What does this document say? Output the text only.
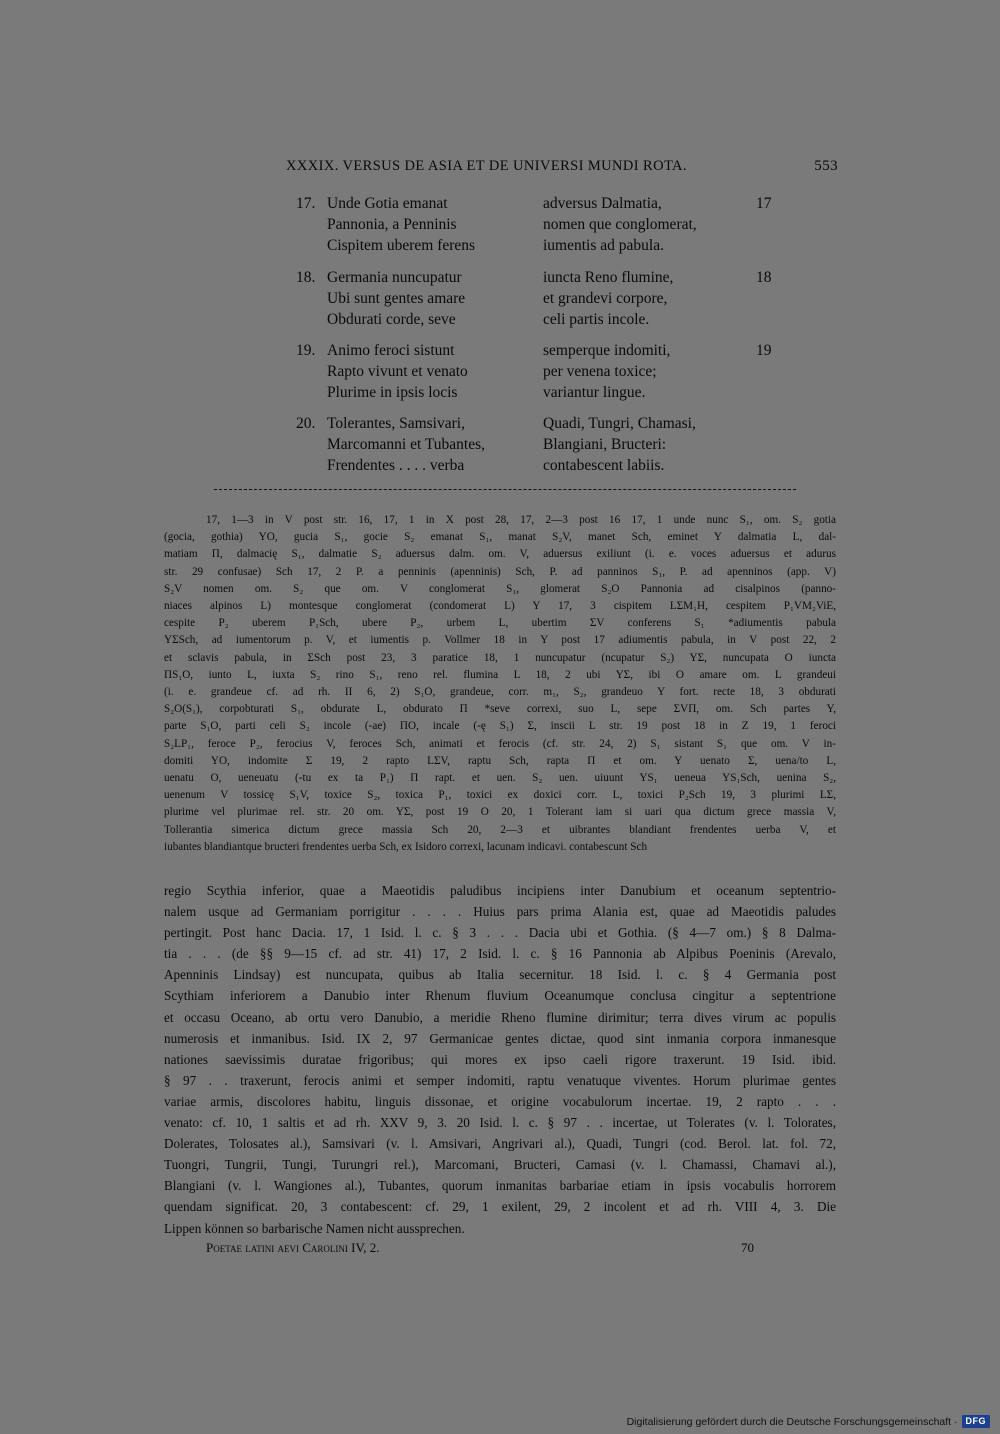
XXXIX. VERSUS DE ASIA ET DE UNIVERSI MUNDI ROTA.	553
17. Unde Gotia emanat
Pannonia, a Penninis
Cispitem uberem ferens
adversus Dalmatia,
nomen que conglomerat,
iumentis ad pabula.
17
18. Germania nuncupatur
Ubi sunt gentes amare
Obdurati corde, seve
iuncta Reno flumine,
et grandevi corpore,
celi partis incole.
18
19. Animo feroci sistunt
Rapto vivunt et venato
Plurime in ipsis locis
semperque indomiti,
per venena toxice;
variantur lingue.
19
20. Tolerantes, Samsivari,
Marcomanni et Tubantes,
Frendentes . . . . verba
Quadi, Tungri, Chamasi,
Blangiani, Bructeri:
contabescent labiis.
17, 1—3 in V post str. 16, 17, 1 in X post 28, 17, 2—3 post 16 17, 1 unde nunc S₁, om. S₂ gotia
(gocia, gothia) YO, gucia S₁, gocie S₂ emanat S₁, manat S₂V, manet Sch, eminet Y dalmatia L, dal-
matiam Π, dalmacię S₁, dalmatie S₂ aduersus dalm. om. V, aduersus exiliunt (i. e. voces aduersus et adurus
str. 29 confusae) Sch 17, 2 P. a penninis (apenninis) Sch, P. ad panninos S₁, P. ad apenninos (app. V)
S₂V nomen om. S₂ que om. V conglomerat S₁, glomerat S₂O Pannonia ad cisalpinos (panno-
niaces alpinos L) montesque conglomerat (condomerat L) Y 17, 3 cispitem LΣM₁H, cespitem P₁VM₂ViE,
cespite P₂ uberem P₁Sch, ubere P₂, urbem L, ubertim ΣV conferens S₁ *adiumentis pabula
YΣSch, ad iumentorum p. V, et iumentis p. Vollmer 18 in Y post 17 adiumentis pabula, in V post 22, 2
et sclavis pabula, in ΣSch post 23, 3 paratice 18, 1 nuncupatur (ncupatur S₂) YΣ, nuncupata O iuncta
ΠS₁O, iunto L, iuxta S₂ rino S₁, reno rel. flumina L 18, 2 ubi YΣ, ibi O amare om. L grandeui
(i. e. grandeue cf. ad rh. II 6, 2) S₁O, grandeue, corr. m₁, S₂, grandeuo Y fort. recte 18, 3 obdurati
S₂O(S₁), corpobturati S₁, obdurate L, obdurato Π *seve correxi, suo L, sepe ΣVΠ, om. Sch partes Y,
parte S₁O, parti celi S₂ incole (-ae) ΠO, incale (-ę S₁) Σ, inscii L str. 19 post 18 in Z 19, 1 feroci
S₂LP₁, feroce P₂, ferocius V, feroces Sch, animati et ferocis (cf. str. 24, 2) S₁ sistant S₁ que om. V in-
domiti YO, indomite Σ 19, 2 rapto LΣV, raptu Sch, rapta Π et om. Y uenato Σ, uena/to L,
uenatu O, ueneuatu (-tu ex ta P₁) Π rapt. et uen. S₂ uen. uiuunt YS₁ ueneua YS₁Sch, uenina S₂,
uenenum V tossicę S₁V, toxice S₂, toxica P₁, toxici ex doxici corr. L, toxici P₂Sch 19, 3 plurimi LΣ,
plurime vel plurimae rel. str. 20 om. YΣ, post 19 O 20, 1 Tolerant iam si uari qua dictum grece massia V,
Tollerantia simerica dictum grece massia Sch 20, 2—3 et uibrantes blandiant frendentes uerba V, et
iubantes blandiantque bructeri frendentes uerba Sch, ex Isidoro correxi, lacunam indicavi. contabescunt Sch
regio Scythia inferior, quae a Maeotidis paludibus incipiens inter Danubium et oceanum septentrio-
nalem usque ad Germaniam porrigitur . . . . Huius pars prima Alania est, quae ad Maeotidis paludes
pertingit. Post hanc Dacia. 17, 1 Isid. l. c. § 3 . . . Dacia ubi et Gothia. (§ 4—7 om.) § 8 Dalma-
tia . . . (de §§ 9—15 cf. ad str. 41) 17, 2 Isid. l. c. § 16 Pannonia ab Alpibus Poeninis (Arevalo,
Apenninis Lindsay) est nuncupata, quibus ab Italia secernitur. 18 Isid. l. c. § 4 Germania post
Scythiam inferiorem a Danubio inter Rhenum fluvium Oceanumque conclusa cingitur a septentrione
et occasu Oceano, ab ortu vero Danubio, a meridie Rheno flumine dirimitur; terra dives virum ac populis
numerosis et inmanibus. Isid. IX 2, 97 Germanicae gentes dictae, quod sint inmania corpora inmanesque
nationes saevissimis duratae frigoribus; qui mores ex ipso caeli rigore traxerunt. 19 Isid. ibid.
§ 97 . . traxerunt, ferocis animi et semper indomiti, raptu venatuque viventes. Horum plurimae gentes
variae armis, discolores habitu, linguis dissonae, et origine vocabulorum incertae. 19, 2 rapto . . .
venato: cf. 10, 1 saltis et ad rh. XXV 9, 3. 20 Isid. l. c. § 97 . . incertae, ut Tolerates (v. l. Tolorates,
Dolerates, Tolosates al.), Samsivari (v. l. Amsivari, Angrivari al.), Quadi, Tungri (cod. Berol. lat. fol. 72,
Tuongri, Tungrii, Tungi, Turungri rel.), Marcomani, Bructeri, Camasi (v. l. Chamassi, Chamavi al.),
Blangiani (v. l. Wangiones al.), Tubantes, quorum inmanitas barbariae etiam in ipsis vocabulis horrorem
quendam significat. 20, 3 contabescent: cf. 29, 1 exilent, 29, 2 incolent et ad rh. VIII 4, 3. Die
Lippen können so barbarische Namen nicht aussprechen.
Poetae latini aevi Carolini IV, 2.	70
Digitalisierung gefördert durch die Deutsche Forschungsgemeinschaft · DFG
